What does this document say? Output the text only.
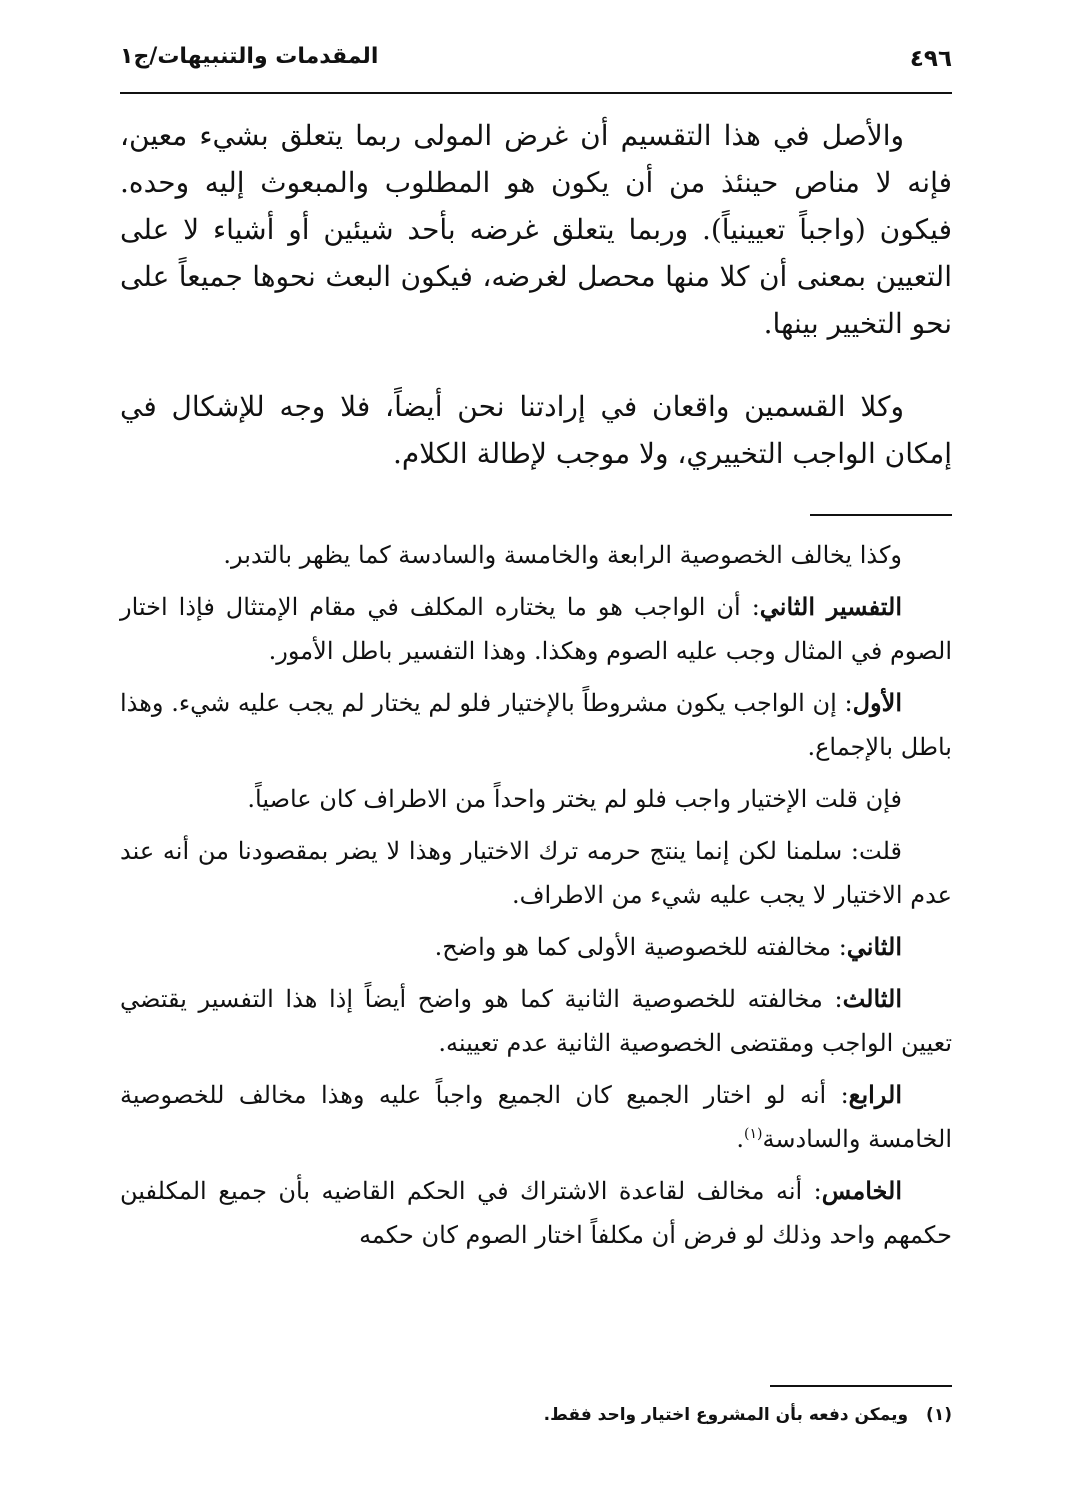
٤٩٦
المقدمات والتنبيهات/ج١

والأصل في هذا التقسيم أن غرض المولى ربما يتعلق بشيء معين، فإنه لا مناص حينئذ من أن يكون هو المطلوب والمبعوث إليه وحده. فيكون (واجباً تعيينياً). وربما يتعلق غرضه بأحد شيئين أو أشياء لا على التعيين بمعنى أن كلا منها محصل لغرضه، فيكون البعث نحوها جميعاً على نحو التخيير بينها.

وكلا القسمين واقعان في إرادتنا نحن أيضاً، فلا وجه للإشكال في إمكان الواجب التخييري، ولا موجب لإطالة الكلام.

وكذا يخالف الخصوصية الرابعة والخامسة والسادسة كما يظهر بالتدبر.

التفسير الثاني: أن الواجب هو ما يختاره المكلف في مقام الإمتثال فإذا اختار الصوم في المثال وجب عليه الصوم وهكذا. وهذا التفسير باطل الأمور.

الأول: إن الواجب يكون مشروطاً بالإختيار فلو لم يختار لم يجب عليه شيء. وهذا باطل بالإجماع.

فإن قلت الإختيار واجب فلو لم يختر واحداً من الاطراف كان عاصياً.

قلت: سلمنا لكن إنما ينتج حرمه ترك الاختيار وهذا لا يضر بمقصودنا من أنه عند عدم الاختيار لا يجب عليه شيء من الاطراف.

الثاني: مخالفته للخصوصية الأولى كما هو واضح.

الثالث: مخالفته للخصوصية الثانية كما هو واضح أيضاً إذا هذا التفسير يقتضي تعيين الواجب ومقتضى الخصوصية الثانية عدم تعيينه.

الرابع: أنه لو اختار الجميع كان الجميع واجباً عليه وهذا مخالف للخصوصية الخامسة والسادسة$^{(١)}$.

الخامس: أنه مخالف لقاعدة الاشتراك في الحكم القاضيه بأن جميع المكلفين حكمهم واحد وذلك لو فرض أن مكلفاً اختار الصوم كان حكمه

(١)ويمكن دفعه بأن المشروع اختيار واحد فقط.
